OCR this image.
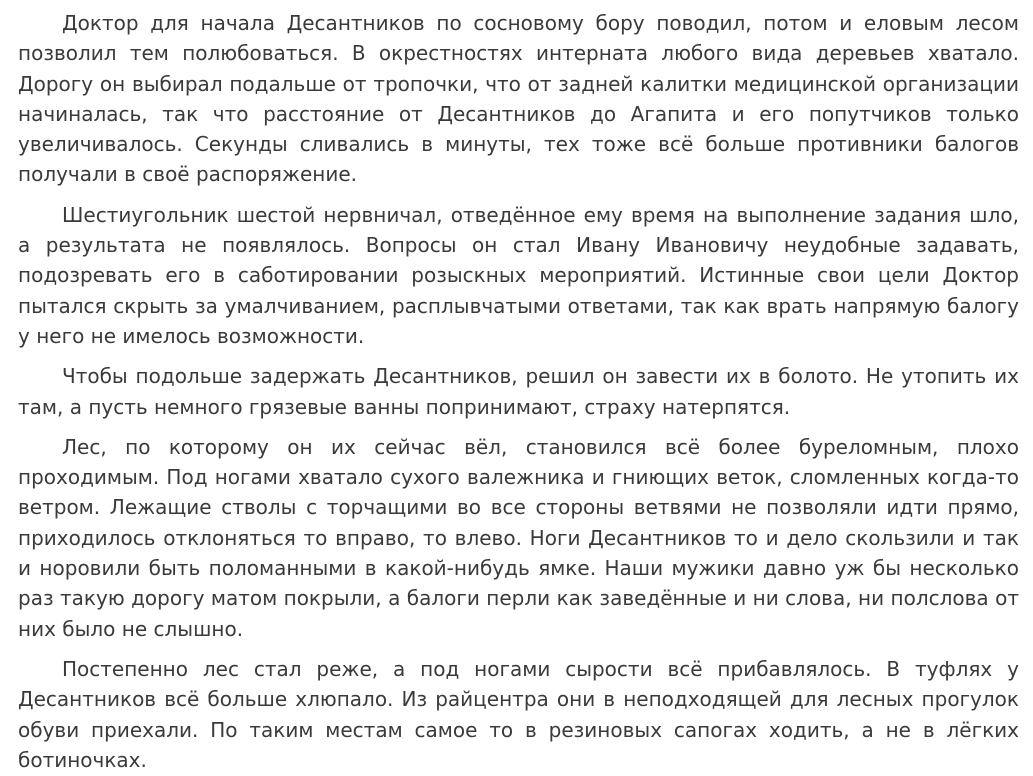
Доктор для начала Десантников по сосновому бору поводил, потом и еловым лесом позволил тем полюбоваться. В окрестностях интерната любого вида деревьев хватало. Дорогу он выбирал подальше от тропочки, что от задней калитки медицинской организации начиналась, так что расстояние от Десантников до Агапита и его попутчиков только увеличивалось. Секунды сливались в минуты, тех тоже всё больше противники балогов получали в своё распоряжение.

Шестиугольник шестой нервничал, отведённое ему время на выполнение задания шло, а результата не появлялось. Вопросы он стал Ивану Ивановичу неудобные задавать, подозревать его в саботировании розыскных мероприятий. Истинные свои цели Доктор пытался скрыть за умалчиванием, расплывчатыми ответами, так как врать напрямую балогу у него не имелось возможности.

Чтобы подольше задержать Десантников, решил он завести их в болото. Не утопить их там, а пусть немного грязевые ванны попринимают, страху натерпятся.

Лес, по которому он их сейчас вёл, становился всё более буреломным, плохо проходимым. Под ногами хватало сухого валежника и гниющих веток, сломленных когда-то ветром. Лежащие стволы с торчащими во все стороны ветвями не позволяли идти прямо, приходилось отклоняться то вправо, то влево. Ноги Десантников то и дело скользили и так и норовили быть поломанными в какой-нибудь ямке. Наши мужики давно уж бы несколько раз такую дорогу матом покрыли, а балоги перли как заведённые и ни слова, ни полслова от них было не слышно.

Постепенно лес стал реже, а под ногами сырости всё прибавлялось. В туфлях у Десантников всё больше хлюпало. Из райцентра они в неподходящей для лесных прогулок обуви приехали. По таким местам самое то в резиновых сапогах ходить, а не в лёгких ботиночках.
